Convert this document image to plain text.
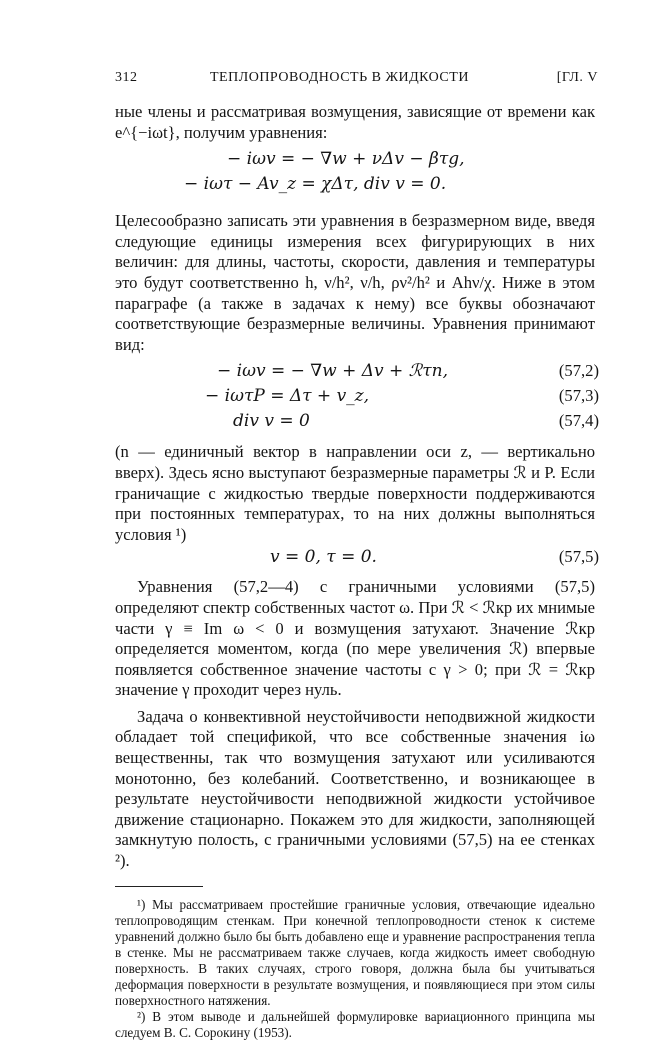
312	ТЕПЛОПРОВОДНОСТЬ В ЖИДКОСТИ	[ГЛ. V

ные члены и рассматривая возмущения, зависящие от времени как e^{−iωt}, получим уравнения:

− iωv = − ∇w + νΔv − βτg,
− iωτ − Av_z = χΔτ, div v = 0.

Целесообразно записать эти уравнения в безразмерном виде, введя следующие единицы измерения всех фигурирующих в них величин: для длины, частоты, скорости, давления и температуры это будут соответственно h, ν/h², ν/h, ρν²/h² и Ahν/χ. Ниже в этом параграфе (а также в задачах к нему) все буквы обозначают соответствующие безразмерные величины. Уравнения принимают вид:

− iωv = − ∇w + Δv + ℛτn,	(57,2)
− iωτP = Δτ + v_z,	(57,3)
div v = 0	(57,4)

(n — единичный вектор в направлении оси z, — вертикально вверх). Здесь ясно выступают безразмерные параметры ℛ и P. Если граничащие с жидкостью твердые поверхности поддерживаются при постоянных температурах, то на них должны выполняться условия ¹)

v = 0, τ = 0.	(57,5)

Уравнения (57,2—4) с граничными условиями (57,5) определяют спектр собственных частот ω. При ℛ < ℛкр их мнимые части γ ≡ Im ω < 0 и возмущения затухают. Значение ℛкр определяется моментом, когда (по мере увеличения ℛ) впервые появляется собственное значение частоты с γ > 0; при ℛ = ℛкр значение γ проходит через нуль.

Задача о конвективной неустойчивости неподвижной жидкости обладает той спецификой, что все собственные значения iω вещественны, так что возмущения затухают или усиливаются монотонно, без колебаний. Соответственно, и возникающее в результате неустойчивости неподвижной жидкости устойчивое движение стационарно. Покажем это для жидкости, заполняющей замкнутую полость, с граничными условиями (57,5) на ее стенках ²).

¹) Мы рассматриваем простейшие граничные условия, отвечающие идеально теплопроводящим стенкам. При конечной теплопроводности стенок к системе уравнений должно было бы быть добавлено еще и уравнение распространения тепла в стенке. Мы не рассматриваем также случаев, когда жидкость имеет свободную поверхность. В таких случаях, строго говоря, должна была бы учитываться деформация поверхности в результате возмущения, и появляющиеся при этом силы поверхностного натяжения.

²) В этом выводе и дальнейшей формулировке вариационного принципа мы следуем В. С. Сорокину (1953).
